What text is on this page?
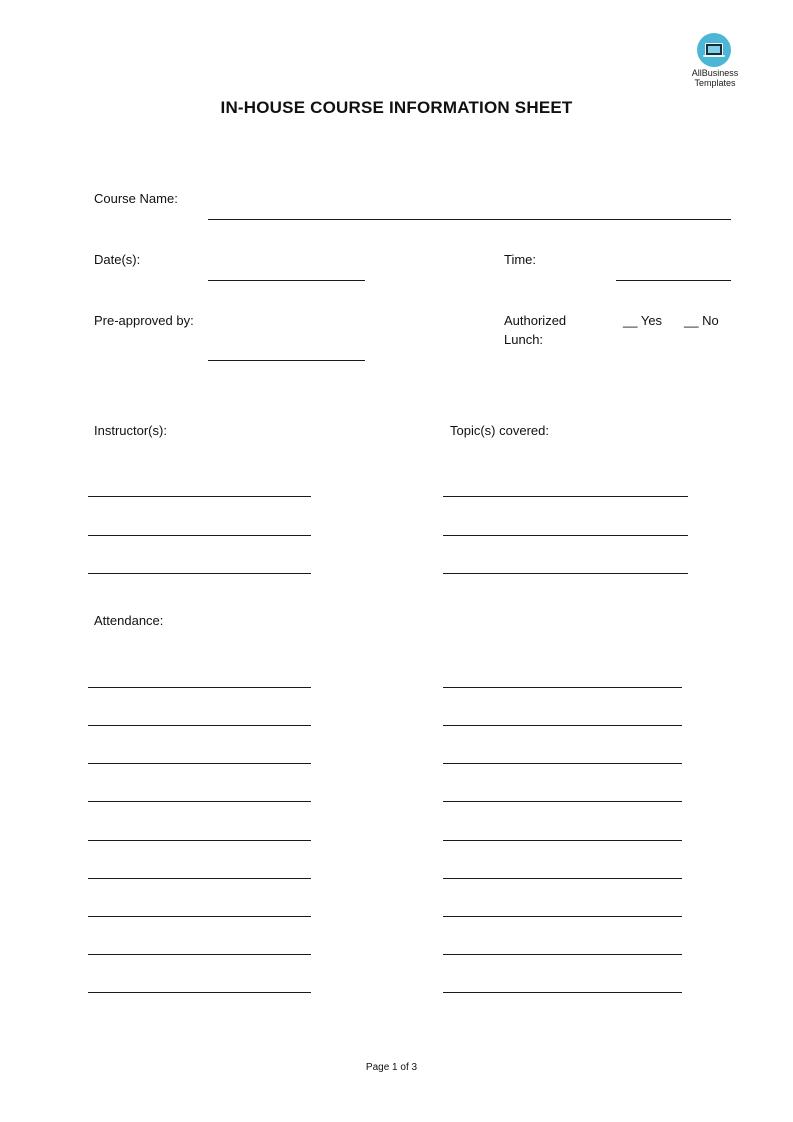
AllBusiness
Templates
IN-HOUSE COURSE INFORMATION SHEET
Course Name:
Date(s):	Time:
Pre-approved by:	Authorized
Lunch:
__ Yes __ No
Instructor(s):	Topic(s) covered:
Attendance:
Page 1 of 3
